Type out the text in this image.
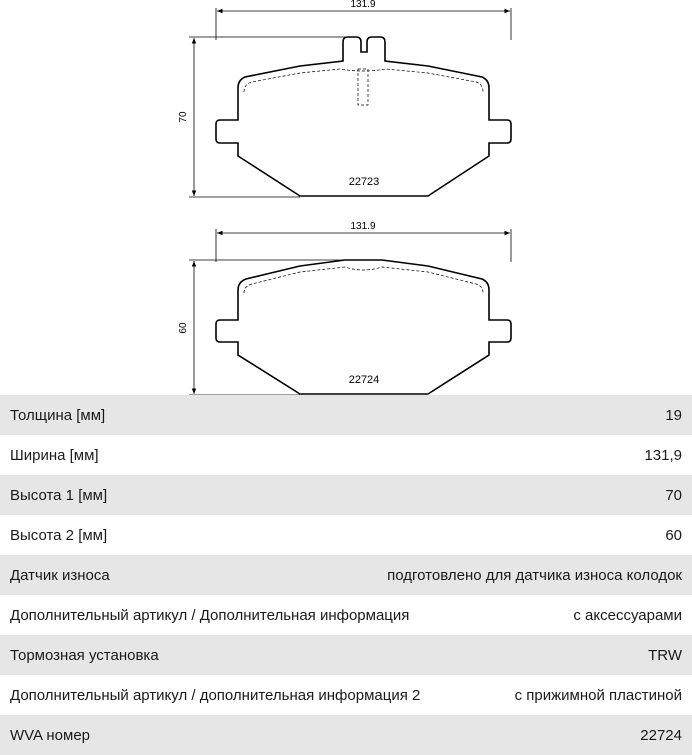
131.9
70
22723
131.9
60
22724
Толщина [мм]	19
Ширина [мм]	131,9
Высота 1 [мм]	70
Высота 2 [мм]	60
Датчик износа	подготовлено для датчика износа колодок
Дополнительный артикул / Дополнительная информация	с аксессуарами
Тормозная установка	TRW
Дополнительный артикул / дополнительная информация 2	с прижимной пластиной
WVA номер	22724
